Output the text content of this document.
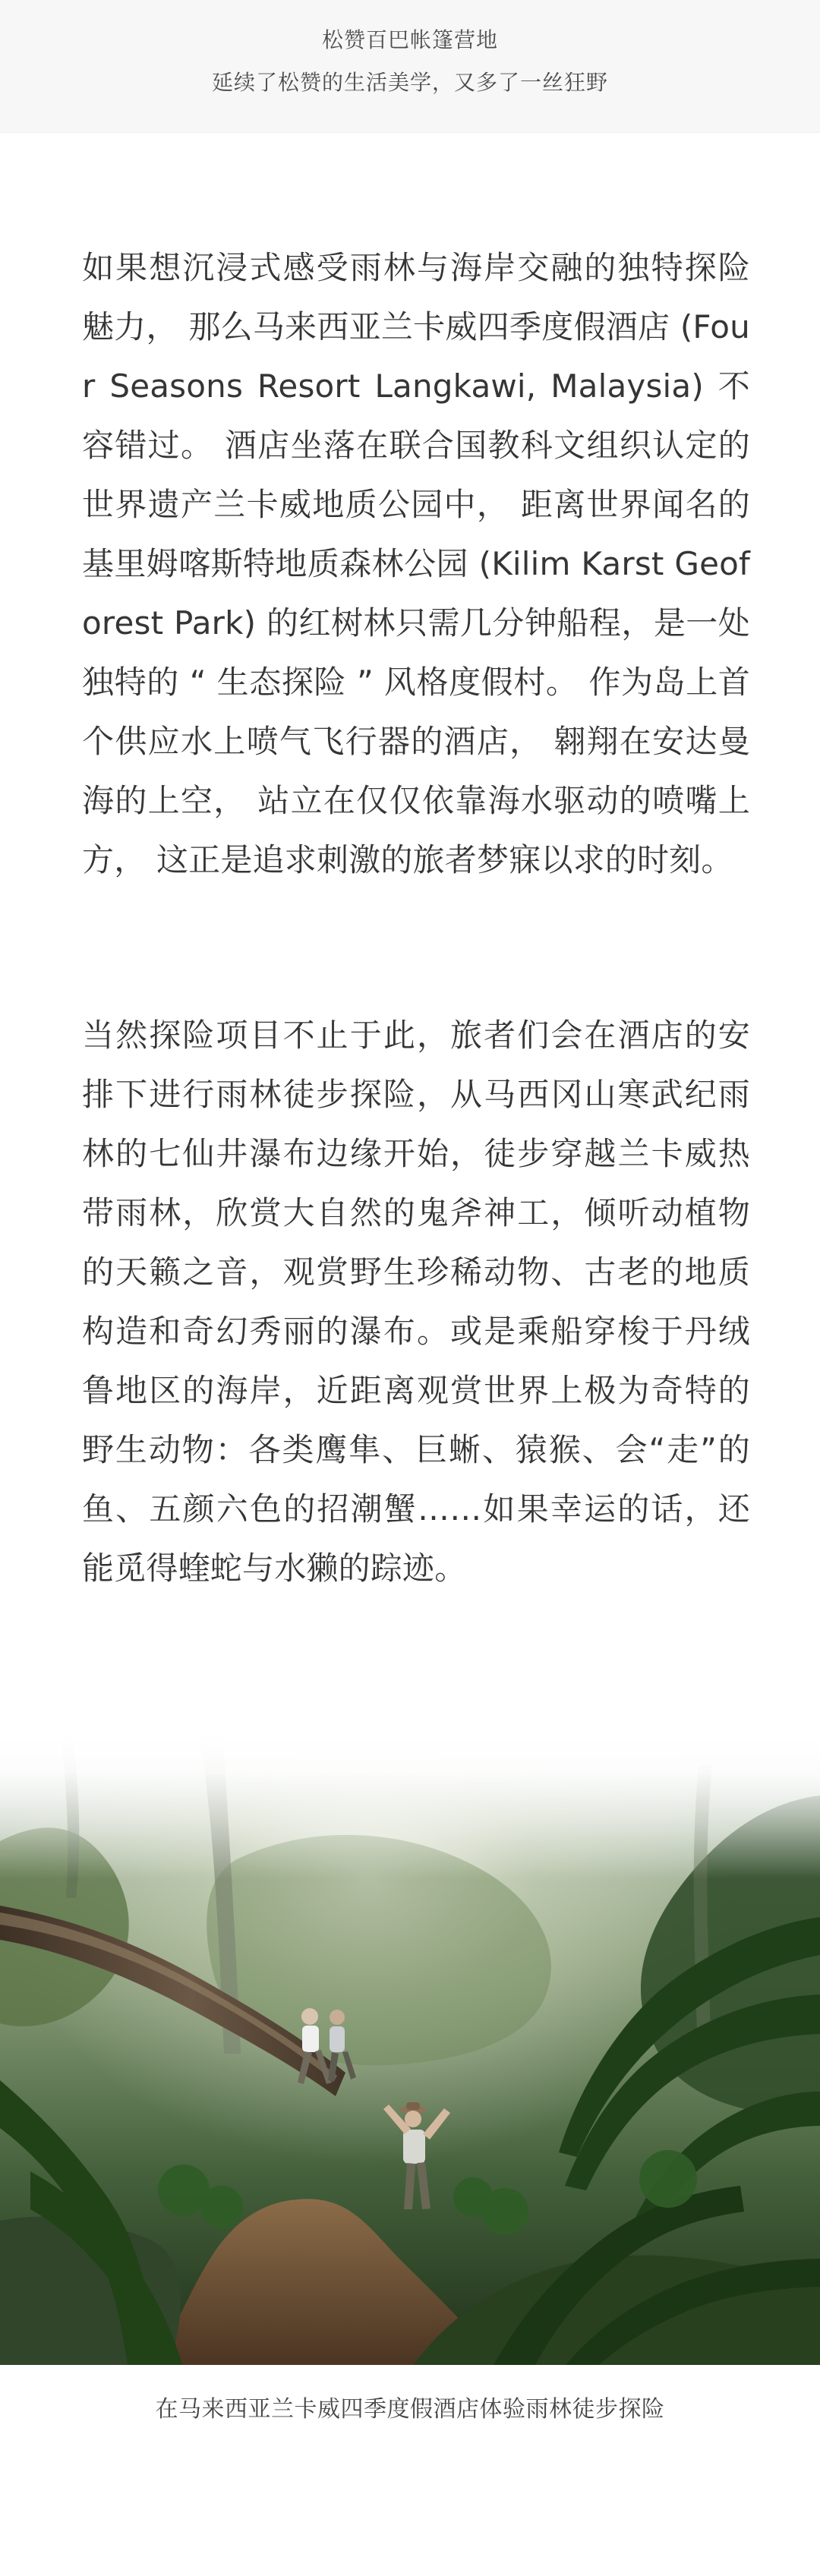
松赞百巴帐篷营地
延续了松赞的生活美学，又多了一丝狂野

如果想沉浸式感受雨林与海岸交融的独特探险魅力， 那么马来西亚兰卡威四季度假酒店 (Four Seasons Resort Langkawi, Malaysia) 不容错过。 酒店坐落在联合国教科文组织认定的世界遗产兰卡威地质公园中， 距离世界闻名的基里姆喀斯特地质森林公园 (Kilim Karst Geoforest Park) 的红树林只需几分钟船程，是一处独特的 “ 生态探险 ” 风格度假村。 作为岛上首个供应水上喷气飞行器的酒店， 翱翔在安达曼海的上空， 站立在仅仅依靠海水驱动的喷嘴上方， 这正是追求刺激的旅者梦寐以求的时刻。

当然探险项目不止于此，旅者们会在酒店的安排下进行雨林徒步探险，从马西冈山寒武纪雨林的七仙井瀑布边缘开始，徒步穿越兰卡威热带雨林，欣赏大自然的鬼斧神工，倾听动植物的天籁之音，观赏野生珍稀动物、古老的地质构造和奇幻秀丽的瀑布。或是乘船穿梭于丹绒鲁地区的海岸，近距离观赏世界上极为奇特的野生动物：各类鹰隼、巨蜥、猿猴、会“走”的鱼、五颜六色的招潮蟹……如果幸运的话，还能觅得蝰蛇与水獭的踪迹。

在马来西亚兰卡威四季度假酒店体验雨林徒步探险
